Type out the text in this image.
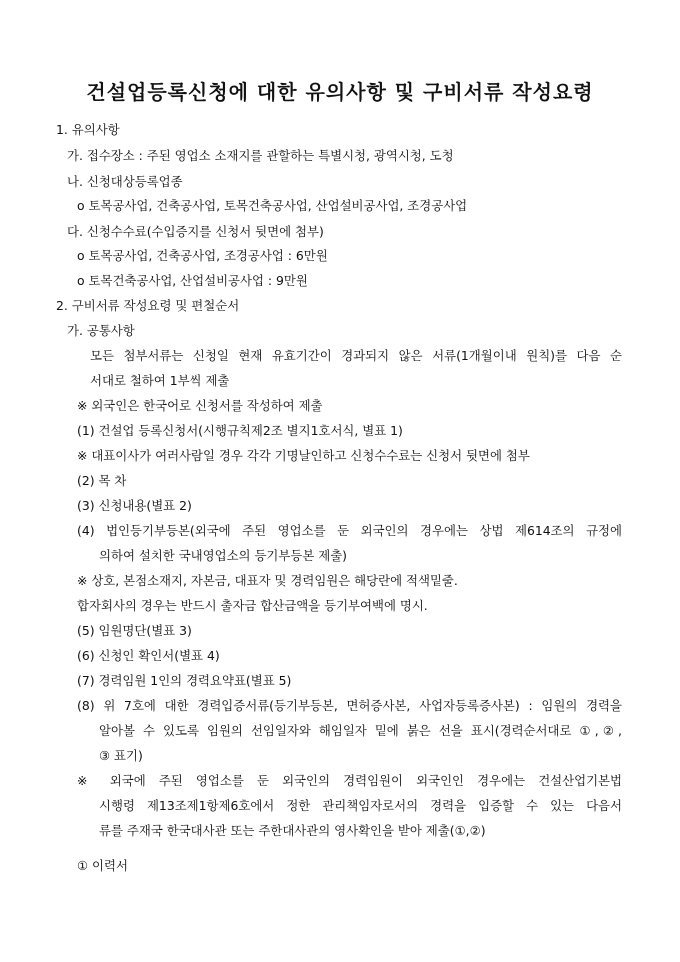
건설업등록신청에 대한 유의사항 및 구비서류 작성요령
1. 유의사항
가. 접수장소 : 주된 영업소 소재지를 관할하는 특별시청, 광역시청, 도청
나. 신청대상등록업종
o 토목공사업, 건축공사업, 토목건축공사업, 산업설비공사업, 조경공사업
다. 신청수수료(수입증지를 신청서 뒷면에 첨부)
o 토목공사업, 건축공사업, 조경공사업 : 6만원
o 토목건축공사업, 산업설비공사업 : 9만원
2. 구비서류 작성요령 및 편철순서
가. 공통사항
모든 첨부서류는 신청일 현재 유효기간이 경과되지 않은 서류(1개월이내 원칙)를 다음 순
서대로 철하여 1부씩 제출
※ 외국인은 한국어로 신청서를 작성하여 제출
(1) 건설업 등록신청서(시행규칙제2조 별지1호서식, 별표 1)
※ 대표이사가 여러사람일 경우 각각 기명날인하고 신청수수료는 신청서 뒷면에 첨부
(2) 목 차
(3) 신청내용(별표 2)
(4) 법인등기부등본(외국에 주된 영업소를 둔 외국인의 경우에는 상법 제614조의 규정에
의하여 설치한 국내영업소의 등기부등본 제출)
※ 상호, 본점소재지, 자본금, 대표자 및 경력임원은 해당란에 적색밑줄.
합자회사의 경우는 반드시 출자금 합산금액을 등기부여백에 명시.
(5) 임원명단(별표 3)
(6) 신청인 확인서(별표 4)
(7) 경력임원 1인의 경력요약표(별표 5)
(8) 위 7호에 대한 경력입증서류(등기부등본, 면허증사본, 사업자등록증사본) : 임원의 경력을
알아볼 수 있도록 임원의 선임일자와 해임일자 밑에 붉은 선을 표시(경력순서대로 ①,②,
③ 표기)
※ 외국에 주된 영업소를 둔 외국인의 경력임원이 외국인인 경우에는 건설산업기본법
시행령 제13조제1항제6호에서 정한 관리책임자로서의 경력을 입증할 수 있는 다음서
류를 주재국 한국대사관 또는 주한대사관의 영사확인을 받아 제출(①,②)
① 이력서
